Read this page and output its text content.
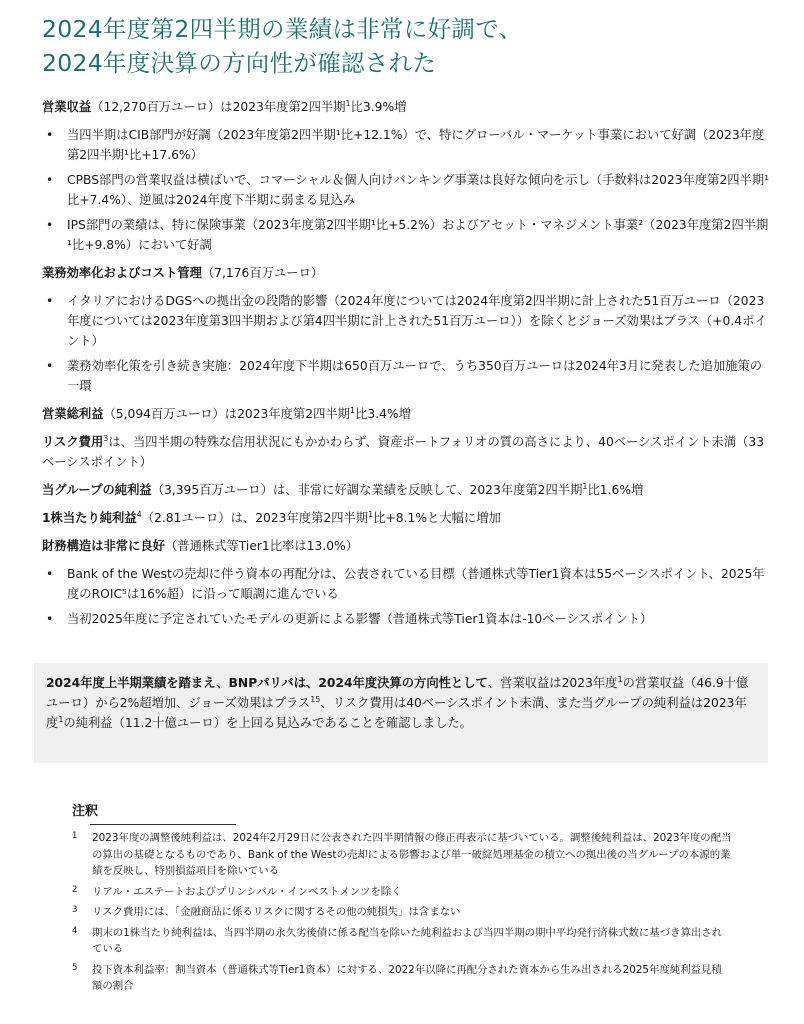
2024年度第2四半期の業績は非常に好調で、
2024年度決算の方向性が確認された

営業収益（12,270百万ユーロ）は2023年度第2四半期$^1$比3.9%増

• 当四半期はCIB部門が好調（2023年度第2四半期¹比+12.1%）で、特にグローバル・マーケット事業において好調（2023年度第2四半期¹比+17.6%）
• CPBS部門の営業収益は横ばいで、コマーシャル＆個人向けバンキング事業は良好な傾向を示し（手数料は2023年度第2四半期¹比+7.4%）、逆風は2024年度下半期に弱まる見込み
• IPS部門の業績は、特に保険事業（2023年度第2四半期¹比+5.2%）およびアセット・マネジメント事業²（2023年度第2四半期¹比+9.8%）において好調

業務効率化およびコスト管理（7,176百万ユーロ）

• イタリアにおけるDGSへの拠出金の段階的影響（2024年度については2024年度第2四半期に計上された51百万ユーロ（2023年度については2023年度第3四半期および第4四半期に計上された51百万ユーロ））を除くとジョーズ効果はプラス（+0.4ポイント）
• 業務効率化策を引き続き実施：2024年度下半期は650百万ユーロで、うち350百万ユーロは2024年3月に発表した追加施策の一環

営業総利益（5,094百万ユーロ）は2023年度第2四半期$^1$比3.4%増

リスク費用$^3$は、当四半期の特殊な信用状況にもかかわらず、資産ポートフォリオの質の高さにより、40ベーシスポイント未満（33ベーシスポイント）

当グループの純利益（3,395百万ユーロ）は、非常に好調な業績を反映して、2023年度第2四半期$^1$比1.6%増

1株当たり純利益$^4$（2.81ユーロ）は、2023年度第2四半期$^1$比+8.1%と大幅に増加

財務構造は非常に良好（普通株式等Tier1比率は13.0%）

• Bank of the Westの売却に伴う資本の再配分は、公表されている目標（普通株式等Tier1資本は55ベーシスポイント、2025年度のROIC⁵は16%超）に沿って順調に進んでいる
• 当初2025年度に予定されていたモデルの更新による影響（普通株式等Tier1資本は-10ベーシスポイント）

2024年度上半期業績を踏まえ、BNPパリバは、2024年度決算の方向性として、営業収益は2023年度$^1$の営業収益（46.9十億ユーロ）から2%超増加、ジョーズ効果はプラス$^{15}$、リスク費用は40ベーシスポイント未満、また当グループの純利益は2023年度$^1$の純利益（11.2十億ユーロ）を上回る見込みであることを確認しました。

注釈
1 2023年度の調整後純利益は、2024年2月29日に公表された四半期情報の修正再表示に基づいている。調整後純利益は、2023年度の配当の算出の基礎となるものであり、Bank of the Westの売却による影響および単一破綻処理基金の積立への拠出後の当グループの本源的業績を反映し、特別損益項目を除いている
2 リアル・エステートおよびプリンシパル・インベストメンツを除く
3 リスク費用には、「金融商品に係るリスクに関するその他の純損失」は含まない
4 期末の1株当たり純利益は、当四半期の永久劣後債に係る配当を除いた純利益および当四半期の期中平均発行済株式数に基づき算出されている
5 投下資本利益率：割当資本（普通株式等Tier1資本）に対する、2022年以降に再配分された資本から生み出される2025年度純利益見積額の割合
